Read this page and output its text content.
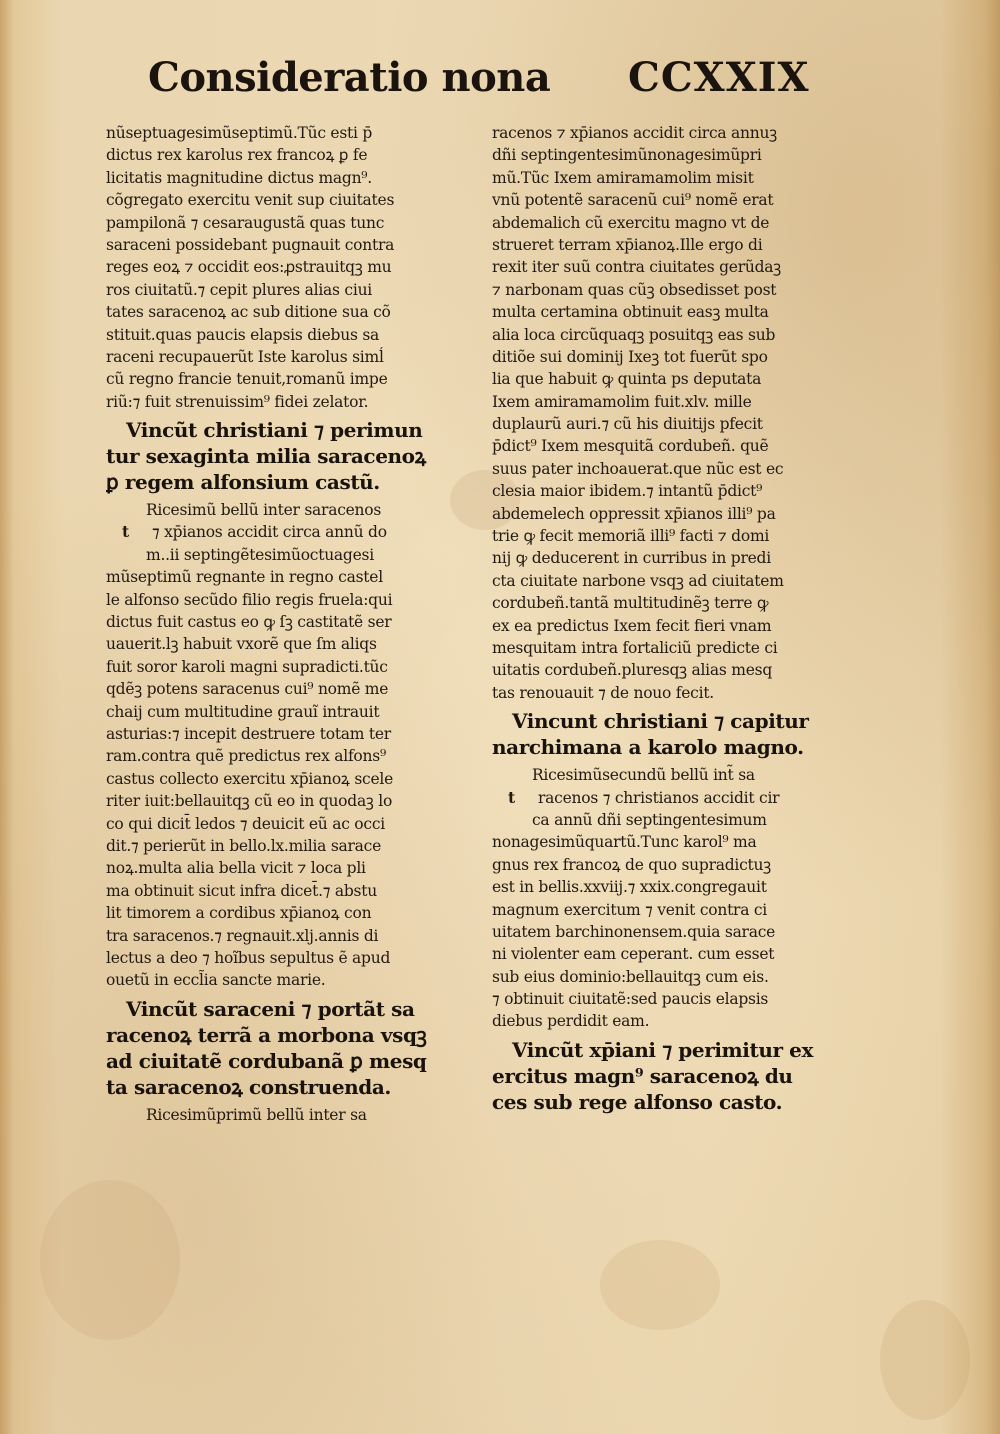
Consideratio nona CCXXIX
nũseptuagesimũseptimũ.Tũc esti p̄
dictus rex karolus rex francoꝝ ꝑ fe
licitatis magnitudine dictus magn⁹.
cõgregato exercitu venit sup ciuitates
pampilonã ⁊ cesaraugustã quas tunc
saraceni possidebant pugnauit contra
reges eoꝝ ⁊ occidit eos:ꝓstrauitqꝫ mu
ros ciuitatũ.⁊ cepit plures alias ciui
tates saracenoꝝ ac sub ditione sua cõ
stituit.quas paucis elapsis diebus sa
raceni recupauerũt Iste karolus simĺ
cũ regno francie tenuit,romanũ impe
riũ:⁊ fuit strenuissim⁹ fidei zelator.
Vincũt christiani ⁊ perimun
tur sexaginta milia saracenoꝝ
ꝑ regem alfonsium castũ.
Ricesimũ bellũ inter saracenos
t ⁊ xp̄ianos accidit circa annũ do
m..ii septingẽtesimũoctuagesi
mũseptimũ regnante in regno castel
le alfonso secũdo filio regis fruela:qui
dictus fuit castus eo ꝙ ſꝫ castitatẽ ser
uauerit.lꝫ habuit vxorẽ que ſm aliqs
fuit soror karoli magni supradicti.tũc
qdẽꝫ potens saracenus cui⁹ nomẽ me
chaij cum multitudine grauĩ intrauit
asturias:⁊ incepit destruere totam ter
ram.contra quẽ predictus rex alfons⁹
castus collecto exercitu xp̄ianoꝝ scele
riter iuit:bellauitqꝫ cũ eo in quodaꝫ lo
co qui dicit̄ ledos ⁊ deuicit eũ ac occi
dit.⁊ perierũt in bello.lx.milia sarace
noꝝ.multa alia bella vicit ⁊ loca pli
ma obtinuit sicut infra dicet̄.⁊ abstu
lit timorem a cordibus xp̄ianoꝝ con
tra saracenos.⁊ regnauit.xlj.annis di
lectus a deo ⁊ hoĩbus sepultus ẽ apud
ouetũ in eccl̃ia sancte marie.
Vincũt saraceni ⁊ portãt sa
racenoꝝ terrã a morbona vsqꝫ
ad ciuitatẽ cordubanã ꝑ mesq
ta saracenoꝝ construenda.
Ricesimũprimũ bellũ inter sa
racenos ⁊ xp̄ianos accidit circa annuꝫ
dñi septingentesimũnonagesimũpri
mũ.Tũc Ixem amiramamolim misit
vnũ potentẽ saracenũ cui⁹ nomẽ erat
abdemalich cũ exercitu magno vt de
strueret terram xp̄ianoꝝ.Ille ergo di
rexit iter suũ contra ciuitates gerũdaꝫ
⁊ narbonam quas cũꝫ obsedisset post
multa certamina obtinuit easꝫ multa
alia loca circũquaqꝫ posuitqꝫ eas sub
ditiõe sui dominij Ixeꝫ tot fuerũt spo
lia que habuit ꝙ quinta ps deputata
Ixem amiramamolim fuit.xlv. mille
duplaurũ auri.⁊ cũ his diuitijs pfecit
p̄dict⁹ Ixem mesquitã cordubeñ. quẽ
suus pater inchoauerat.que nũc est ec
clesia maior ibidem.⁊ intantũ p̄dict⁹
abdemelech oppressit xp̄ianos illi⁹ pa
trie ꝙ fecit memoriã illi⁹ facti ⁊ domi
nij ꝙ deducerent in curribus in predi
cta ciuitate narbone vsqꝫ ad ciuitatem
cordubeñ.tantã multitudinẽꝫ terre ꝙ
ex ea predictus Ixem fecit fieri vnam
mesquitam intra fortaliciũ predicte ci
uitatis cordubeñ.pluresqꝫ alias mesq
tas renouauit ⁊ de nouo fecit.
Vincunt christiani ⁊ capitur
narchimana a karolo magno.
Ricesimũsecundũ bellũ int̃ sa
t racenos ⁊ christianos accidit cir
ca annũ dñi septingentesimum
nonagesimũquartũ.Tunc karol⁹ ma
gnus rex francoꝝ de quo supradictuꝫ
est in bellis.xxviij.⁊ xxix.congregauit
magnum exercitum ⁊ venit contra ci
uitatem barchinonensem.quia sarace
ni violenter eam ceperant. cum esset
sub eius dominio:bellauitqꝫ cum eis.
⁊ obtinuit ciuitatẽ:sed paucis elapsis
diebus perdidit eam.
Vincũt xp̄iani ⁊ perimitur ex
ercitus magn⁹ saracenoꝝ du
ces sub rege alfonso casto.
